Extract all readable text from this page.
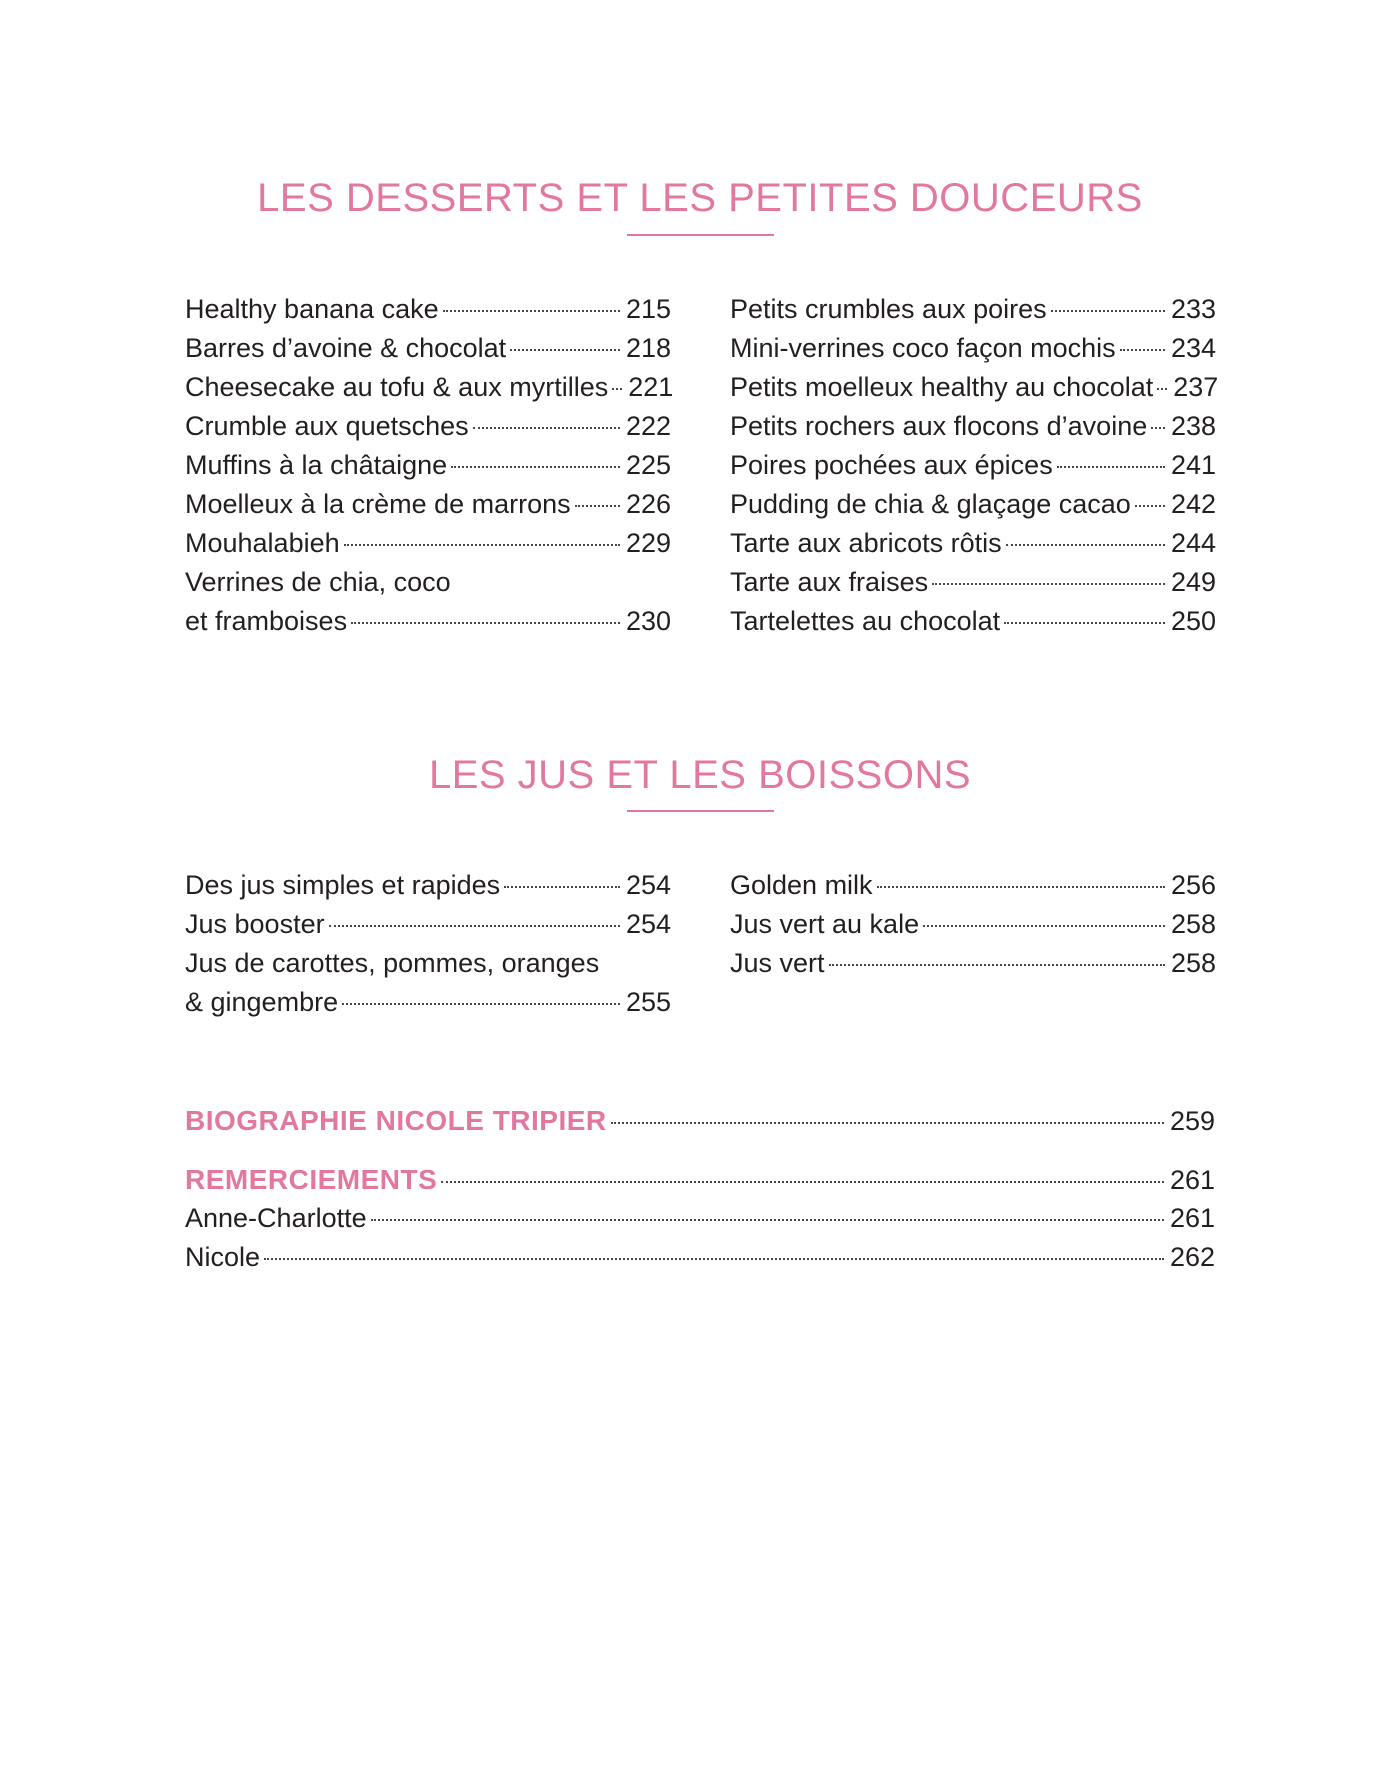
LES DESSERTS ET LES PETITES DOUCEURS
Healthy banana cake	215
Barres d’avoine & chocolat	218
Cheesecake au tofu & aux myrtilles 221
Crumble aux quetsches	222
Muffins à la châtaigne	225
Moelleux à la crème de marrons 226
Mouhalabieh	229
Verrines de chia, coco
et framboises	230
Petits crumbles aux poires	233
Mini-verrines coco façon mochis 234
Petits moelleux healthy au chocolat 237
Petits rochers aux flocons d’avoine 238
Poires pochées aux épices	241
Pudding de chia & glaçage cacao 242
Tarte aux abricots rôtis	244
Tarte aux fraises	249
Tartelettes au chocolat	250
LES JUS ET LES BOISSONS
Des jus simples et rapides	254
Jus booster	254
Jus de carottes, pommes, oranges
& gingembre	255
Golden milk	256
Jus vert au kale	258
Jus vert	258
BIOGRAPHIE NICOLE TRIPIER	259
REMERCIEMENTS	261
Anne-Charlotte	261
Nicole	262
